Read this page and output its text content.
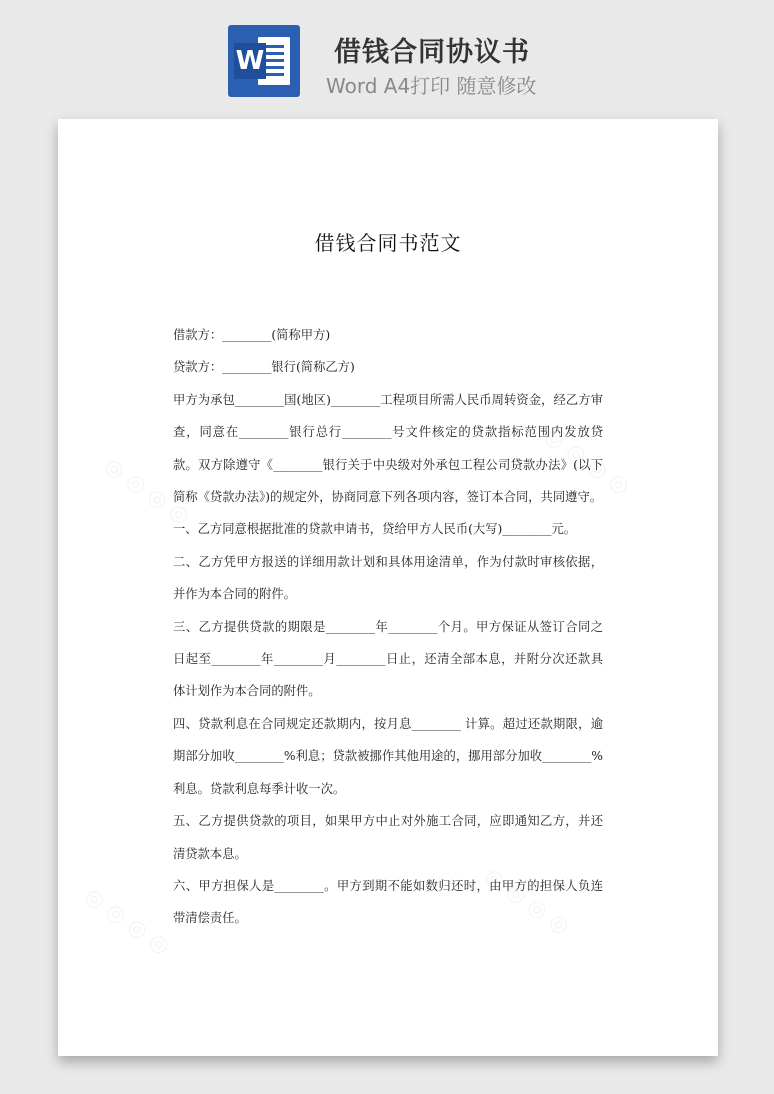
W	借钱合同协议书
Word A4打印 随意修改
借钱合同书范文

借款方：________(简称甲方)

贷款方：________银行(简称乙方)

甲方为承包________国(地区)________工程项目所需人民币周转资金，经乙方审查，同意在________银行总行________号文件核定的贷款指标范围内发放贷款。双方除遵守《________银行关于中央级对外承包工程公司贷款办法》(以下简称《贷款办法》)的规定外，协商同意下列各项内容，签订本合同，共同遵守。

一、乙方同意根据批准的贷款申请书，贷给甲方人民币(大写)________元。

二、乙方凭甲方报送的详细用款计划和具体用途清单，作为付款时审核依据，并作为本合同的附件。

三、乙方提供贷款的期限是________年________个月。甲方保证从签订合同之日起至________年________月________日止，还清全部本息，并附分次还款具体计划作为本合同的附件。

四、贷款利息在合同规定还款期内，按月息________ 计算。超过还款期限，逾期部分加收________%利息；贷款被挪作其他用途的，挪用部分加收________%利息。贷款利息每季计收一次。

五、乙方提供贷款的项目，如果甲方中止对外施工合同，应即通知乙方，并还清贷款本息。

六、甲方担保人是________。甲方到期不能如数归还时，由甲方的担保人负连带清偿责任。
